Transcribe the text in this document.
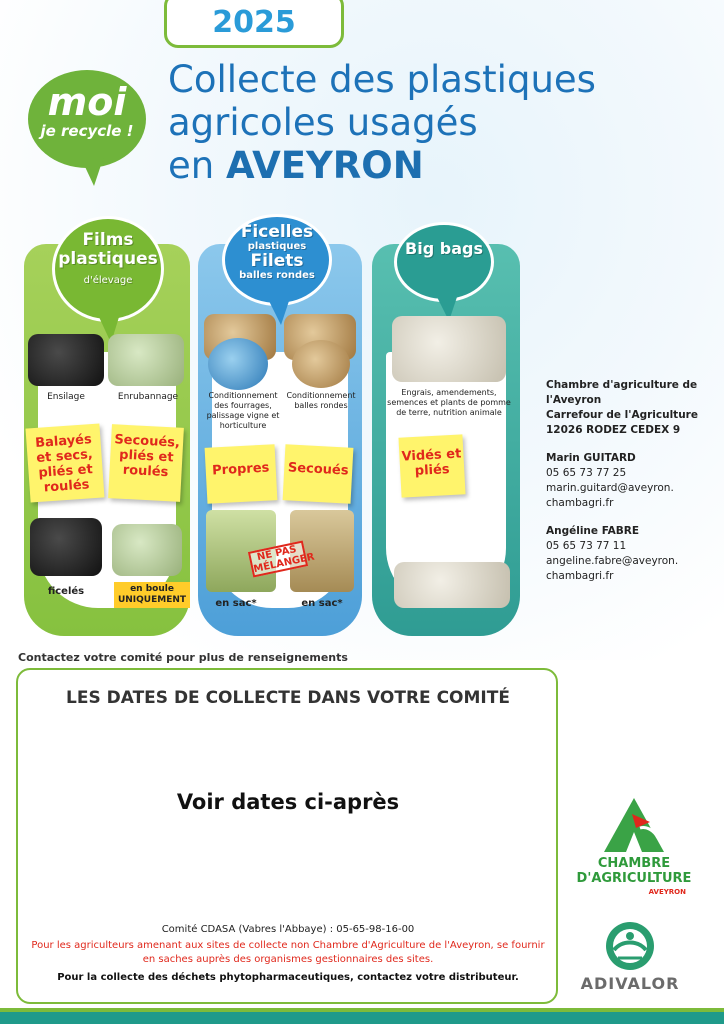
2025
Collecte des plastiques
agricoles usagés
en AVEYRON
moi
je recycle !
Films
plastiques
d'élevage
Ficelles
plastiques
Filets
balles rondes
Big bags
Ensilage	Enrubannage
Balayés et secs, pliés et roulés
Secoués, pliés et roulés
ficelés	en boule
UNIQUEMENT
Conditionnement des fourrages, palissage vigne et horticulture
Conditionnement balles rondes
Propres	Secoués
NE PAS MÉLANGER
en sac*	en sac*
Engrais, amendements, semences et plants de pomme de terre, nutrition animale
Vidés et pliés
en fagot
Chambre d'agriculture de
l'Aveyron
Carrefour de l'Agriculture
12026 RODEZ CEDEX 9
Marin GUITARD
05 65 73 77 25
marin.guitard@aveyron.
chambagri.fr
Angéline FABRE
05 65 73 77 11
angeline.fabre@aveyron.
chambagri.fr
Contactez votre comité pour plus de renseignements
LES DATES DE COLLECTE DANS VOTRE COMITÉ
Voir dates ci-après
Comité CDASA (Vabres l'Abbaye) : 05-65-98-16-00
Pour les agriculteurs amenant aux sites de collecte non Chambre d'Agriculture de l'Aveyron, se fournir en saches auprès des organismes gestionnaires des sites.
Pour la collecte des déchets phytopharmaceutiques, contactez votre distributeur.
CHAMBRE
D'AGRICULTURE
AVEYRON
ADIVALOR
